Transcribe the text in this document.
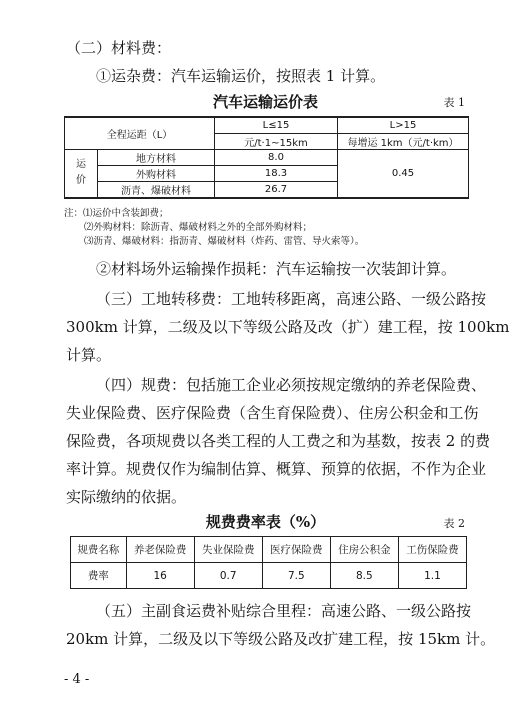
（二）材料费：
①运杂费：汽车运输运价，按照表 1 计算。
汽车运输运价表	表 1
全程运距（L）		L≤15	L>15
		元/t·1~15km	每增运 1km（元/t·km）

运
价	地方材料	8.0	0.45
	外购材料	18.3	
	沥青、爆破材料	26.7	
注：⑴运价中含装卸费；
⑵外购材料：除沥青、爆破材料之外的全部外购材料；
⑶沥青、爆破材料：指沥青、爆破材料（炸药、雷管、导火索等）。
②材料场外运输操作损耗：汽车运输按一次装卸计算。
（三）工地转移费：工地转移距离，高速公路、一级公路按
300km 计算，二级及以下等级公路及改（扩）建工程，按 100km
计算。
（四）规费：包括施工企业必须按规定缴纳的养老保险费、
失业保险费、医疗保险费（含生育保险费）、住房公积金和工伤
保险费，各项规费以各类工程的人工费之和为基数，按表 2 的费
率计算。规费仅作为编制估算、概算、预算的依据，不作为企业
实际缴纳的依据。
规费费率表（%）	表 2
规费名称	养老保险费	失业保险费	医疗保险费	住房公积金	工伤保险费
费率	16	0.7	7.5	8.5	1.1
（五）主副食运费补贴综合里程：高速公路、一级公路按
20km 计算，二级及以下等级公路及改扩建工程，按 15km 计。
- 4 -
